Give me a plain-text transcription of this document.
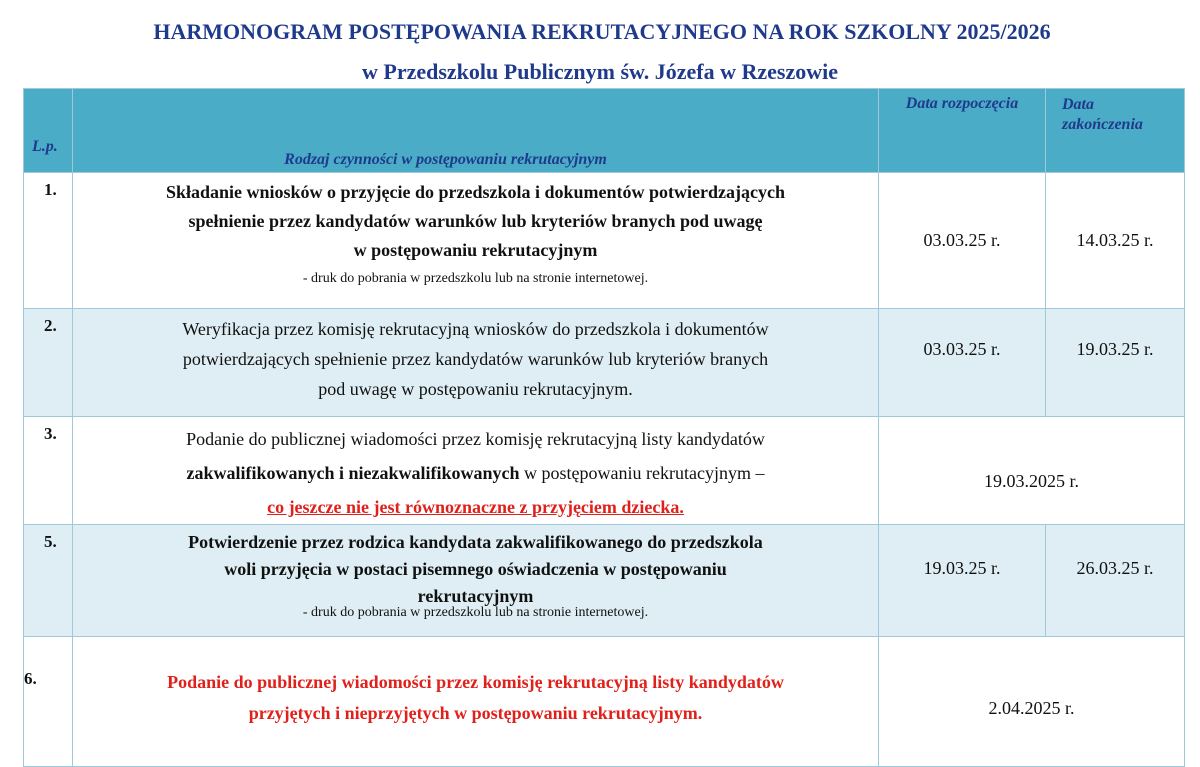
HARMONOGRAM POSTĘPOWANIA REKRUTACYJNEGO NA ROK SZKOLNY 2025/2026
w Przedszkolu Publicznym św. Józefa w Rzeszowie
L.p.	Rodzaj czynności w postępowaniu rekrutacyjnym	Data rozpoczęcia	Data
zakończenia
1.	Składanie wniosków o przyjęcie do przedszkola i dokumentów potwierdzających
spełnienie przez kandydatów warunków lub kryteriów branych pod uwagę
w postępowaniu rekrutacyjnym
- druk do pobrania w przedszkolu lub na stronie internetowej.	03.03.25 r.	14.03.25 r.
2.	Weryfikacja przez komisję rekrutacyjną wniosków do przedszkola i dokumentów
potwierdzających spełnienie przez kandydatów warunków lub kryteriów branych
pod uwagę w postępowaniu rekrutacyjnym.	03.03.25 r.	19.03.25 r.
3.	Podanie do publicznej wiadomości przez komisję rekrutacyjną listy kandydatów
zakwalifikowanych i niezakwalifikowanych w postępowaniu rekrutacyjnym –
co jeszcze nie jest równoznaczne z przyjęciem dziecka.	19.03.2025 r.	
5.	Potwierdzenie przez rodzica kandydata zakwalifikowanego do przedszkola
woli przyjęcia w postaci pisemnego oświadczenia w postępowaniu
rekrutacyjnym
- druk do pobrania w przedszkolu lub na stronie internetowej.	19.03.25 r.	26.03.25 r.
6.	Podanie do publicznej wiadomości przez komisję rekrutacyjną listy kandydatów
przyjętych i nieprzyjętych w postępowaniu rekrutacyjnym.	2.04.2025 r.	
